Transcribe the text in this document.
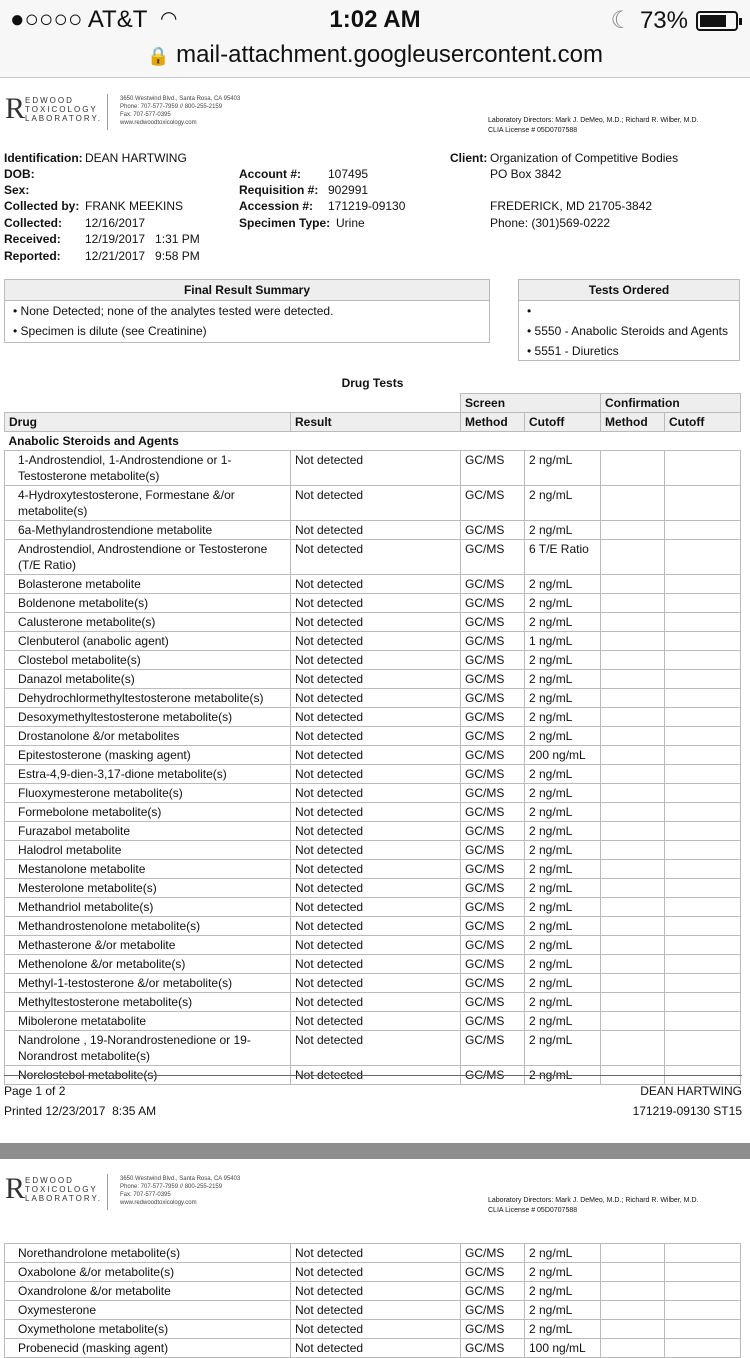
●○○○○ AT&T ◠	1:02 AM	☾ 73%
🔒 mail-attachment.googleusercontent.com
R EDWOOD TOXICOLOGY LABORATORY.
3650 Westwind Blvd., Santa Rosa, CA 95403
Phone: 707-577-7959 // 800-255-2159
Fax: 707-577-0395
www.redwoodtoxicology.com	Laboratory Directors: Mark J. DeMeo, M.D.; Richard R. Wilber, M.D.
CLIA License # 05D0707588
Identification: DEAN HARTWING
DOB:
Sex:
Collected by: FRANK MEEKINS
Collected: 12/16/2017
Received: 12/19/2017   1:31 PM
Reported: 12/21/2017   9:58 PM
Account #: 107495
Requisition #: 902991
Accession #: 171219-09130
Specimen Type: Urine
Client: Organization of Competitive Bodies
PO Box 3842
FREDERICK, MD 21705-3842
Phone: (301)569-0222
Final Result Summary
• None Detected; none of the analytes tested were detected.
• Specimen is dilute (see Creatinine)
Tests Ordered
•
• 5550 - Anabolic Steroids and Agents
• 5551 - Diuretics
Drug Tests
		Screen		Confirmation	
Drug	Result	Method	Cutoff	Method	Cutoff
Anabolic Steroids and Agents					
1-Androstendiol, 1-Androstendione or 1-Testosterone metabolite(s)	Not detected	GC/MS	2 ng/mL		
4-Hydroxytestosterone, Formestane &/or metabolite(s)	Not detected	GC/MS	2 ng/mL		
6a-Methylandrostendione metabolite	Not detected	GC/MS	2 ng/mL		
Androstendiol, Androstendione or Testosterone (T/E Ratio)	Not detected	GC/MS	6 T/E Ratio		
Bolasterone metabolite	Not detected	GC/MS	2 ng/mL		
Boldenone metabolite(s)	Not detected	GC/MS	2 ng/mL		
Calusterone metabolite(s)	Not detected	GC/MS	2 ng/mL		
Clenbuterol (anabolic agent)	Not detected	GC/MS	1 ng/mL		
Clostebol metabolite(s)	Not detected	GC/MS	2 ng/mL		
Danazol metabolite(s)	Not detected	GC/MS	2 ng/mL		
Dehydrochlormethyltestosterone metabolite(s)	Not detected	GC/MS	2 ng/mL		
Desoxymethyltestosterone metabolite(s)	Not detected	GC/MS	2 ng/mL		
Drostanolone &/or metabolites	Not detected	GC/MS	2 ng/mL		
Epitestosterone (masking agent)	Not detected	GC/MS	200 ng/mL		
Estra-4,9-dien-3,17-dione metabolite(s)	Not detected	GC/MS	2 ng/mL		
Fluoxymesterone metabolite(s)	Not detected	GC/MS	2 ng/mL		
Formebolone metabolite(s)	Not detected	GC/MS	2 ng/mL		
Furazabol metabolite	Not detected	GC/MS	2 ng/mL		
Halodrol metabolite	Not detected	GC/MS	2 ng/mL		
Mestanolone metabolite	Not detected	GC/MS	2 ng/mL		
Mesterolone metabolite(s)	Not detected	GC/MS	2 ng/mL		
Methandriol metabolite(s)	Not detected	GC/MS	2 ng/mL		
Methandrostenolone metabolite(s)	Not detected	GC/MS	2 ng/mL		
Methasterone &/or metabolite	Not detected	GC/MS	2 ng/mL		
Methenolone &/or metabolite(s)	Not detected	GC/MS	2 ng/mL		
Methyl-1-testosterone &/or metabolite(s)	Not detected	GC/MS	2 ng/mL		
Methyltestosterone metabolite(s)	Not detected	GC/MS	2 ng/mL		
Mibolerone metatabolite	Not detected	GC/MS	2 ng/mL		
Nandrolone , 19-Norandrostenedione or 19-Norandrost metabolite(s)	Not detected	GC/MS	2 ng/mL		
Norclostebol metabolite(s)	Not detected	GC/MS	2 ng/mL		
Page 1 of 2
Printed 12/23/2017  8:35 AM
DEAN HARTWING
171219-09130 ST15
R EDWOOD TOXICOLOGY LABORATORY.
3650 Westwind Blvd., Santa Rosa, CA 95403
Phone: 707-577-7959 // 800-255-2159
Fax: 707-577-0395
www.redwoodtoxicology.com	Laboratory Directors: Mark J. DeMeo, M.D.; Richard R. Wilber, M.D.
CLIA License # 05D0707588
Norethandrolone metabolite(s)	Not detected	GC/MS	2 ng/mL		
Oxabolone &/or metabolite(s)	Not detected	GC/MS	2 ng/mL		
Oxandrolone &/or metabolite	Not detected	GC/MS	2 ng/mL		
Oxymesterone	Not detected	GC/MS	2 ng/mL		
Oxymetholone metabolite(s)	Not detected	GC/MS	2 ng/mL		
Probenecid (masking agent)	Not detected	GC/MS	100 ng/mL		
